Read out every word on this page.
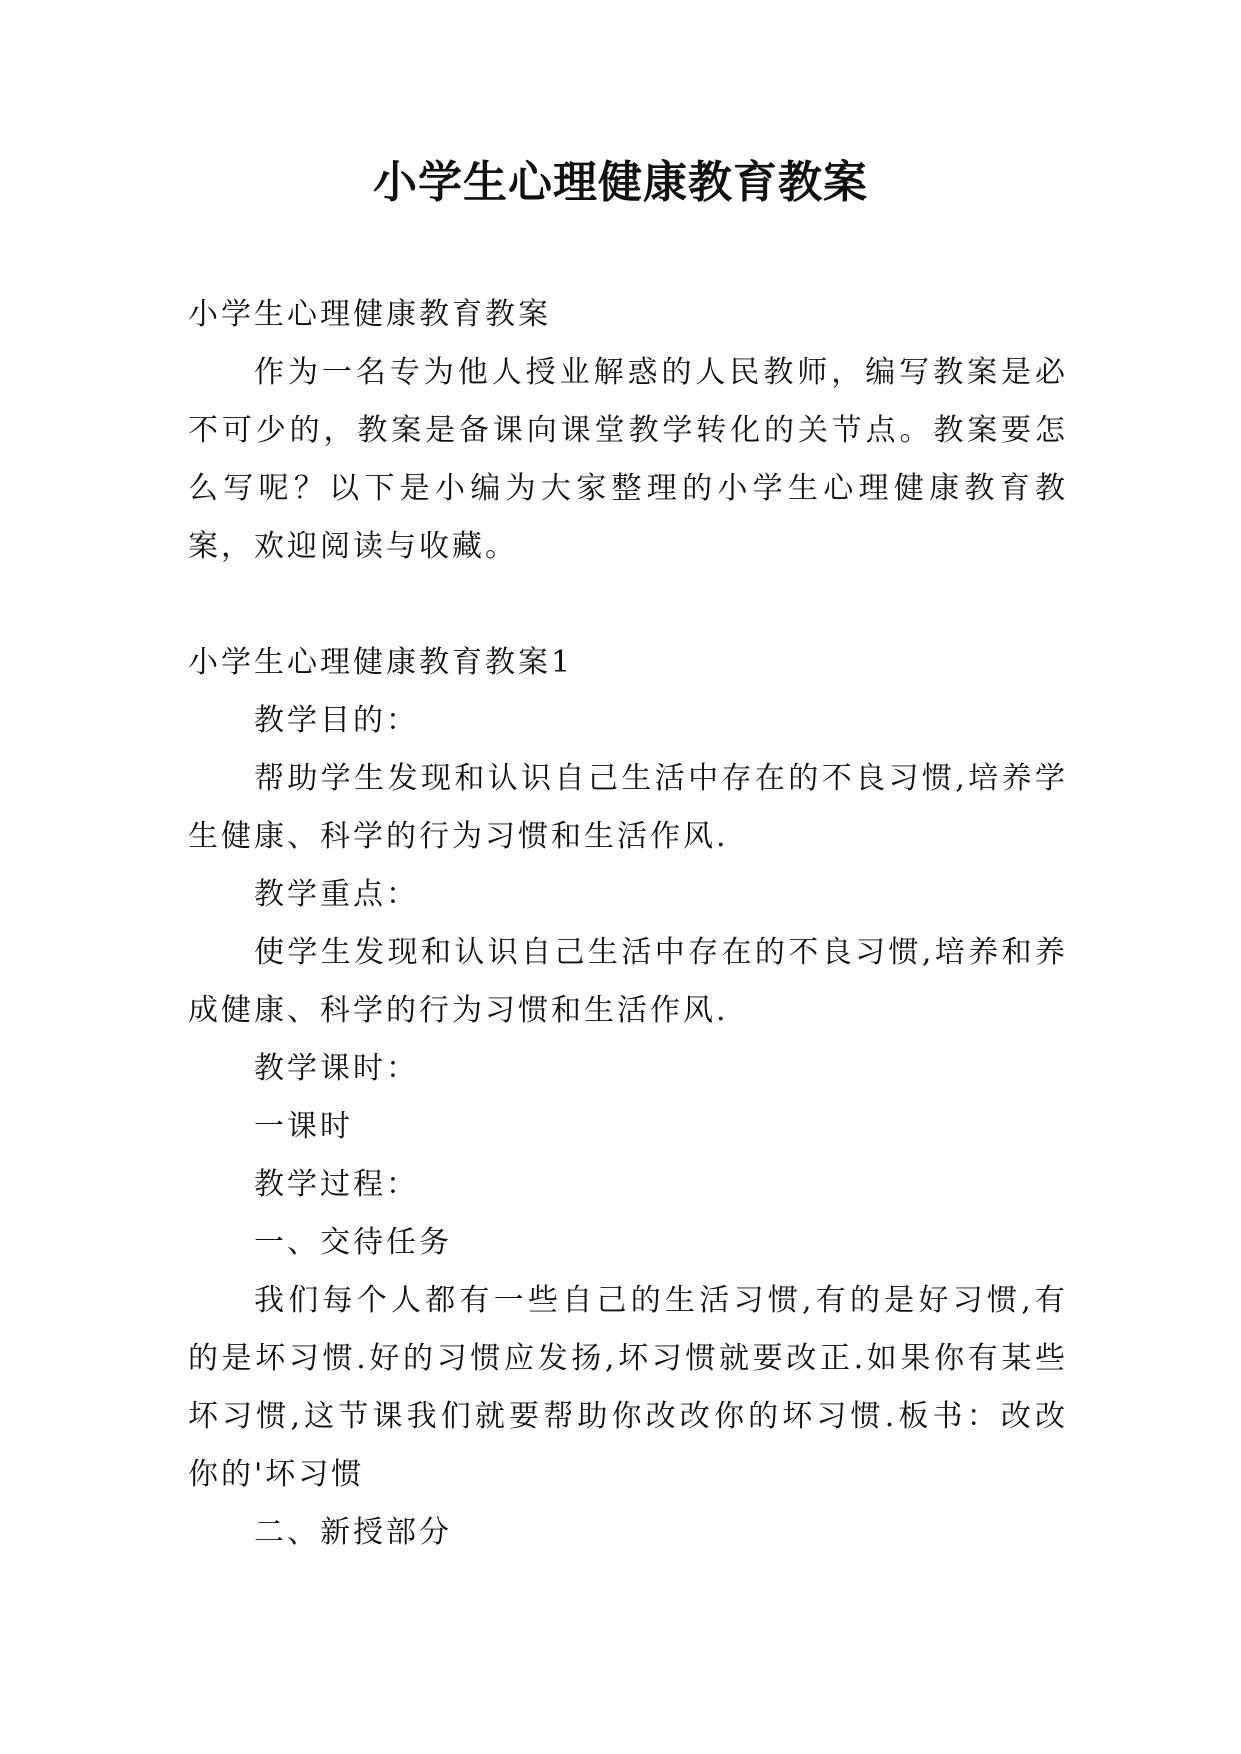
小学生心理健康教育教案

小学生心理健康教育教案

作为一名专为他人授业解惑的人民教师，编写教案是必不可少的，教案是备课向课堂教学转化的关节点。教案要怎么写呢？以下是小编为大家整理的小学生心理健康教育教案，欢迎阅读与收藏。

小学生心理健康教育教案1

教学目的：

帮助学生发现和认识自己生活中存在的不良习惯,培养学生健康、科学的行为习惯和生活作风.

教学重点：

使学生发现和认识自己生活中存在的不良习惯,培养和养成健康、科学的行为习惯和生活作风.

教学课时：

一课时

教学过程：

一、交待任务

我们每个人都有一些自己的生活习惯,有的是好习惯,有的是坏习惯.好的习惯应发扬,坏习惯就要改正.如果你有某些坏习惯,这节课我们就要帮助你改改你的坏习惯.板书：改改你的'坏习惯

二、新授部分
